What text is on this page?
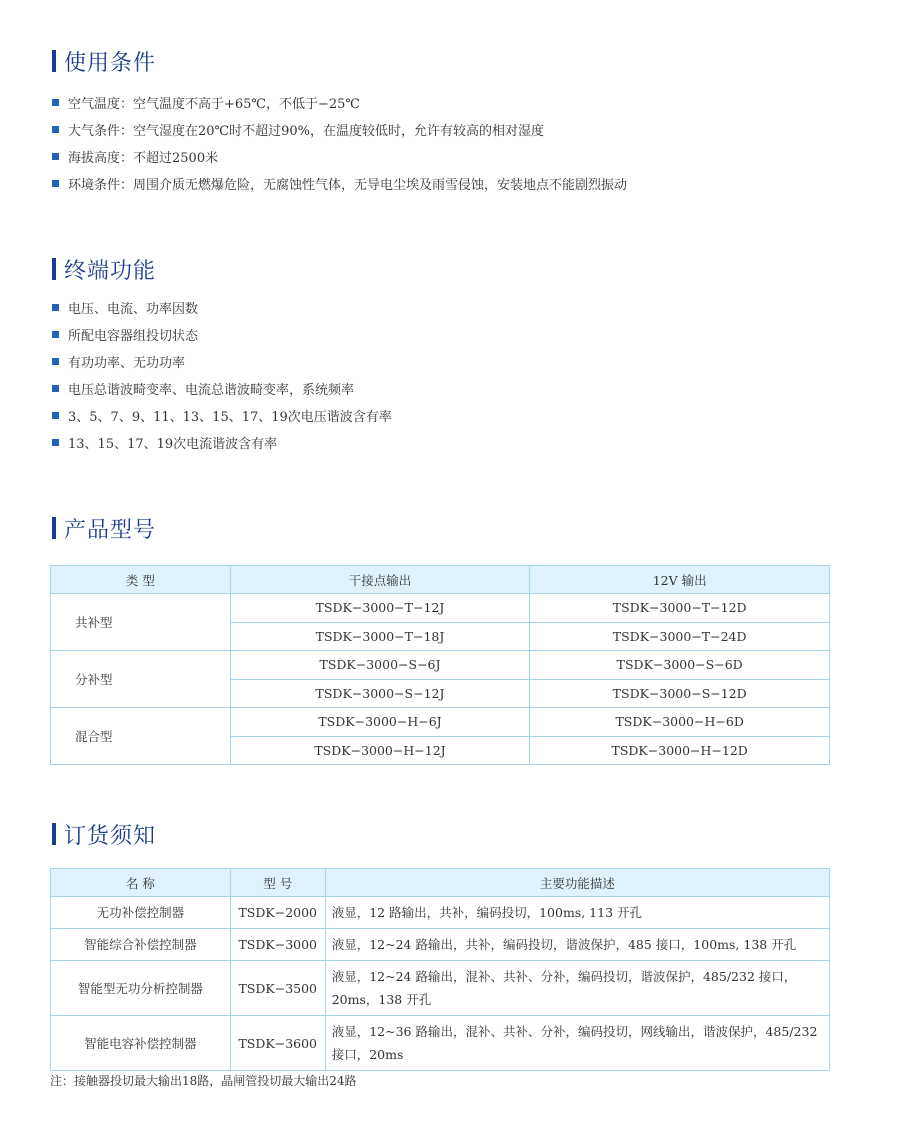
使用条件
空气温度：空气温度不高于+65℃，不低于−25℃
大气条件：空气湿度在20℃时不超过90%，在温度较低时，允许有较高的相对湿度
海拔高度：不超过2500米
环境条件：周围介质无燃爆危险，无腐蚀性气体，无导电尘埃及雨雪侵蚀，安装地点不能剧烈振动
终端功能
电压、电流、功率因数
所配电容器组投切状态
有功功率、无功功率
电压总谐波畸变率、电流总谐波畸变率，系统频率
3、5、7、9、11、13、15、17、19次电压谐波含有率
13、15、17、19次电流谐波含有率
产品型号
类 型	干接点输出	12V 输出
共补型	TSDK−3000−T−12J	TSDK−3000−T−12D
	TSDK−3000−T−18J	TSDK−3000−T−24D
分补型	TSDK−3000−S−6J	TSDK−3000−S−6D
	TSDK−3000−S−12J	TSDK−3000−S−12D
混合型	TSDK−3000−H−6J	TSDK−3000−H−6D
	TSDK−3000−H−12J	TSDK−3000−H−12D
订货须知
名 称	型 号	主要功能描述
无功补偿控制器	TSDK−2000	液显，12 路输出，共补，编码投切，100ms, 113 开孔
智能综合补偿控制器	TSDK−3000	液显，12~24 路输出，共补，编码投切，谐波保护，485 接口，100ms, 138 开孔
智能型无功分析控制器	TSDK−3500	液显，12~24 路输出，混补、共补、分补，编码投切，谐波保护，485/232 接口，20ms，138 开孔
智能电容补偿控制器	TSDK−3600	液显，12~36 路输出，混补、共补、分补，编码投切，网线输出，谐波保护，485/232 接口，20ms
注：接触器投切最大输出18路，晶闸管投切最大输出24路
